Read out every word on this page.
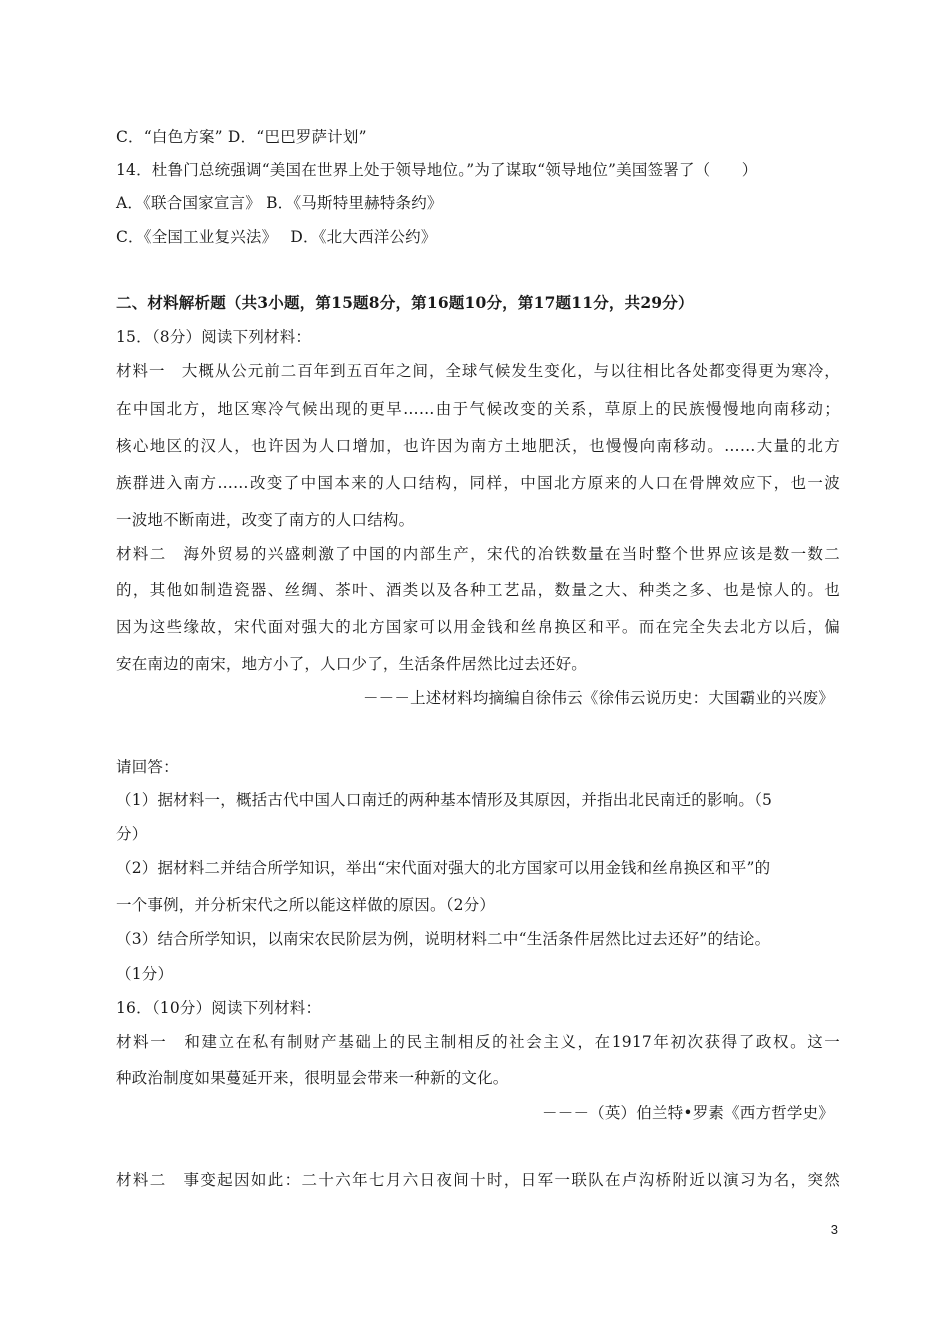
C．“白色方案” D．“巴巴罗萨计划”
14．杜鲁门总统强调“美国在世界上处于领导地位。”为了谋取“领导地位”美国签署了（　　）
A．《联合国家宣言》 B．《马斯特里赫特条约》
C．《全国工业复兴法》　 D．《北大西洋公约》
二、材料解析题（共3小题，第15题8分，第16题10分，第17题11分，共29分）
15．（8分）阅读下列材料：
材料一　大概从公元前二百年到五百年之间，全球气候发生变化，与以往相比各处都变得更为寒冷，
在中国北方，地区寒冷气候出现的更早……由于气候改变的关系，草原上的民族慢慢地向南移动；
核心地区的汉人，也许因为人口增加，也许因为南方土地肥沃，也慢慢向南移动。……大量的北方
族群进入南方……改变了中国本来的人口结构，同样，中国北方原来的人口在骨牌效应下，也一波
一波地不断南进，改变了南方的人口结构。
材料二　海外贸易的兴盛刺激了中国的内部生产，宋代的冶铁数量在当时整个世界应该是数一数二
的，其他如制造瓷器、丝绸、茶叶、酒类以及各种工艺品，数量之大、种类之多、也是惊人的。也
因为这些缘故，宋代面对强大的北方国家可以用金钱和丝帛换区和平。而在完全失去北方以后，偏
安在南边的南宋，地方小了，人口少了，生活条件居然比过去还好。
－－－上述材料均摘编自徐伟云《徐伟云说历史：大国霸业的兴废》
请回答：
（1）据材料一，概括古代中国人口南迁的两种基本情形及其原因，并指出北民南迁的影响。（5
分）
（2）据材料二并结合所学知识，举出“宋代面对强大的北方国家可以用金钱和丝帛换区和平”的
一个事例，并分析宋代之所以能这样做的原因。（2分）
（3）结合所学知识，以南宋农民阶层为例，说明材料二中“生活条件居然比过去还好”的结论。
（1分）
16．（10分）阅读下列材料：
材料一　和建立在私有制财产基础上的民主制相反的社会主义，在1917年初次获得了政权。这一
种政治制度如果蔓延开来，很明显会带来一种新的文化。
－－－（英）伯兰特•罗素《西方哲学史》
材料二　事变起因如此：二十六年七月六日夜间十时，日军一联队在卢沟桥附近以演习为名，突然
3
